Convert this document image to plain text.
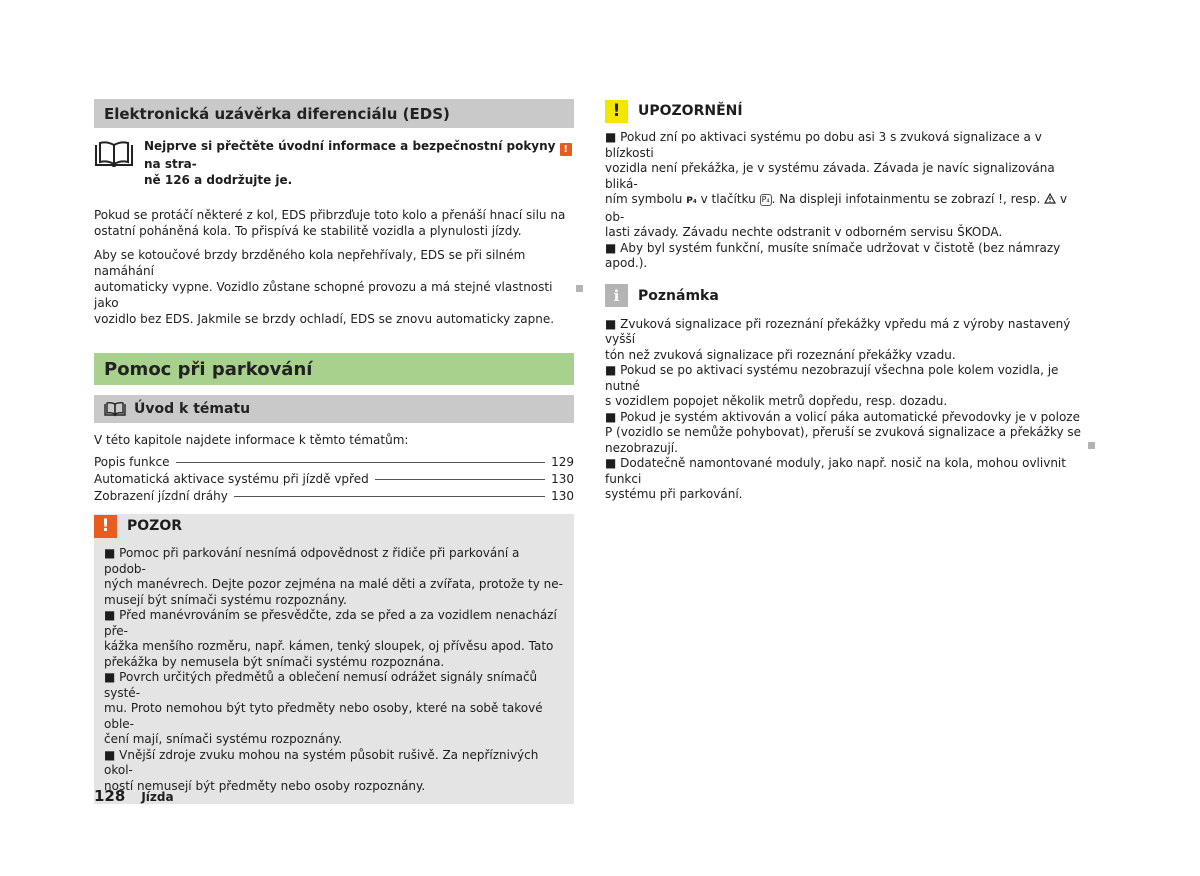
Elektronická uzávěrka diferenciálu (EDS)

Nejprve si přečtěte úvodní informace a bezpečnostní pokyny ! na stra-
ně 126 a dodržujte je.

Pokud se protáčí některé z kol, EDS přibrzďuje toto kolo a přenáší hnací silu na
ostatní poháněná kola. To přispívá ke stabilitě vozidla a plynulosti jízdy.

Aby se kotoučové brzdy brzděného kola nepřehřívaly, EDS se při silném namáhání
automaticky vypne. Vozidlo zůstane schopné provozu a má stejné vlastnosti jako
vozidlo bez EDS. Jakmile se brzdy ochladí, EDS se znovu automaticky zapne.

Pomoc při parkování
Úvod k tématu

V této kapitole najdete informace k těmto tématům:

Popis funkce	129
Automatická aktivace systému při jízdě vpřed	130
Zobrazení jízdní dráhy	130
!	POZOR
■ Pomoc při parkování nesnímá odpovědnost z řidiče při parkování a podob-
ných manévrech. Dejte pozor zejména na malé děti a zvířata, protože ty ne-
musejí být snímači systému rozpoznány.
■ Před manévrováním se přesvědčte, zda se před a za vozidlem nenachází pře-
kážka menšího rozměru, např. kámen, tenký sloupek, oj přívěsu apod. Tato
překážka by nemusela být snímači systému rozpoznána.
■ Povrch určitých předmětů a oblečení nemusí odrážet signály snímačů systé-
mu. Proto nemohou být tyto předměty nebo osoby, které na sobě takové oble-
čení mají, snímači systému rozpoznány.
■ Vnější zdroje zvuku mohou na systém působit rušivě. Za nepříznivých okol-
ností nemusejí být předměty nebo osoby rozpoznány.
!	UPOZORNĚNÍ
■ Pokud zní po aktivaci systému po dobu asi 3 s zvuková signalizace a v blízkosti
vozidla není překážka, je v systému závada. Závada je navíc signalizována bliká-
ním symbolu P₄ v tlačítku P₄ . Na displeji infotainmentu se zobrazí !, resp. v ob-
lasti závady. Závadu nechte odstranit v odborném servisu ŠKODA.
■ Aby byl systém funkční, musíte snímače udržovat v čistotě (bez námrazy apod.).
i	Poznámka
■ Zvuková signalizace při rozeznání překážky vpředu má z výroby nastavený vyšší
tón než zvuková signalizace při rozeznání překážky vzadu.
■ Pokud se po aktivaci systému nezobrazují všechna pole kolem vozidla, je nutné
s vozidlem popojet několik metrů dopředu, resp. dozadu.
■ Pokud je systém aktivován a volicí páka automatické převodovky je v poloze
P (vozidlo se nemůže pohybovat), přeruší se zvuková signalizace a překážky se
nezobrazují.
■ Dodatečně namontované moduly, jako např. nosič na kola, mohou ovlivnit funkci
systému při parkování.
128 Jízda
